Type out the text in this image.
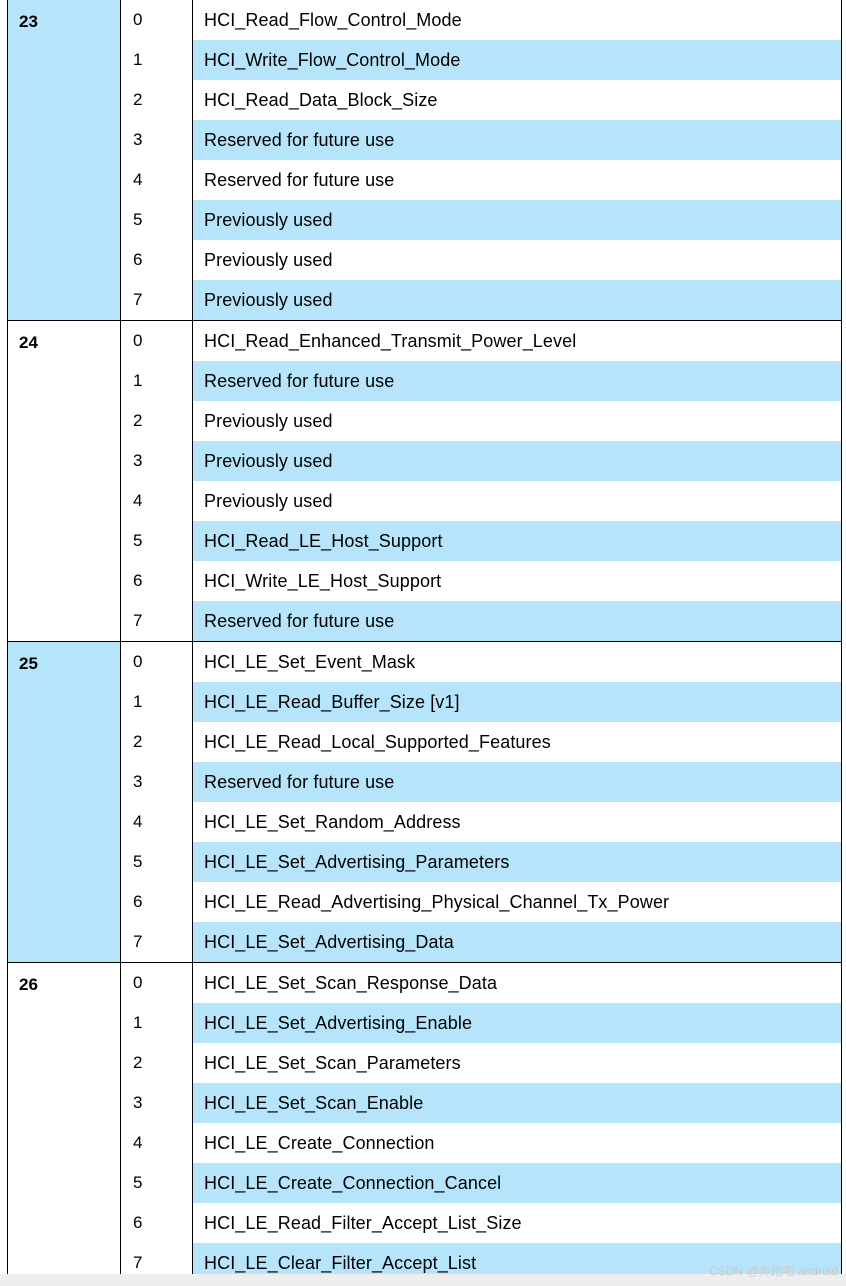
23	0	HCI_Read_Flow_Control_Mode
1	HCI_Write_Flow_Control_Mode
2	HCI_Read_Data_Block_Size
3	Reserved for future use
4	Reserved for future use
5	Previously used
6	Previously used
7	Previously used
24	0	HCI_Read_Enhanced_Transmit_Power_Level
1	Reserved for future use
2	Previously used
3	Previously used
4	Previously used
5	HCI_Read_LE_Host_Support
6	HCI_Write_LE_Host_Support
7	Reserved for future use
25	0	HCI_LE_Set_Event_Mask
1	HCI_LE_Read_Buffer_Size [v1]
2	HCI_LE_Read_Local_Supported_Features
3	Reserved for future use
4	HCI_LE_Set_Random_Address
5	HCI_LE_Set_Advertising_Parameters
6	HCI_LE_Read_Advertising_Physical_Channel_Tx_Power
7	HCI_LE_Set_Advertising_Data
26	0	HCI_LE_Set_Scan_Response_Data
1	HCI_LE_Set_Advertising_Enable
2	HCI_LE_Set_Scan_Parameters
3	HCI_LE_Set_Scan_Enable
4	HCI_LE_Create_Connection
5	HCI_LE_Create_Connection_Cancel
6	HCI_LE_Read_Filter_Accept_List_Size
7	HCI_LE_Clear_Filter_Accept_List	CSDN @奔跑吧 android
